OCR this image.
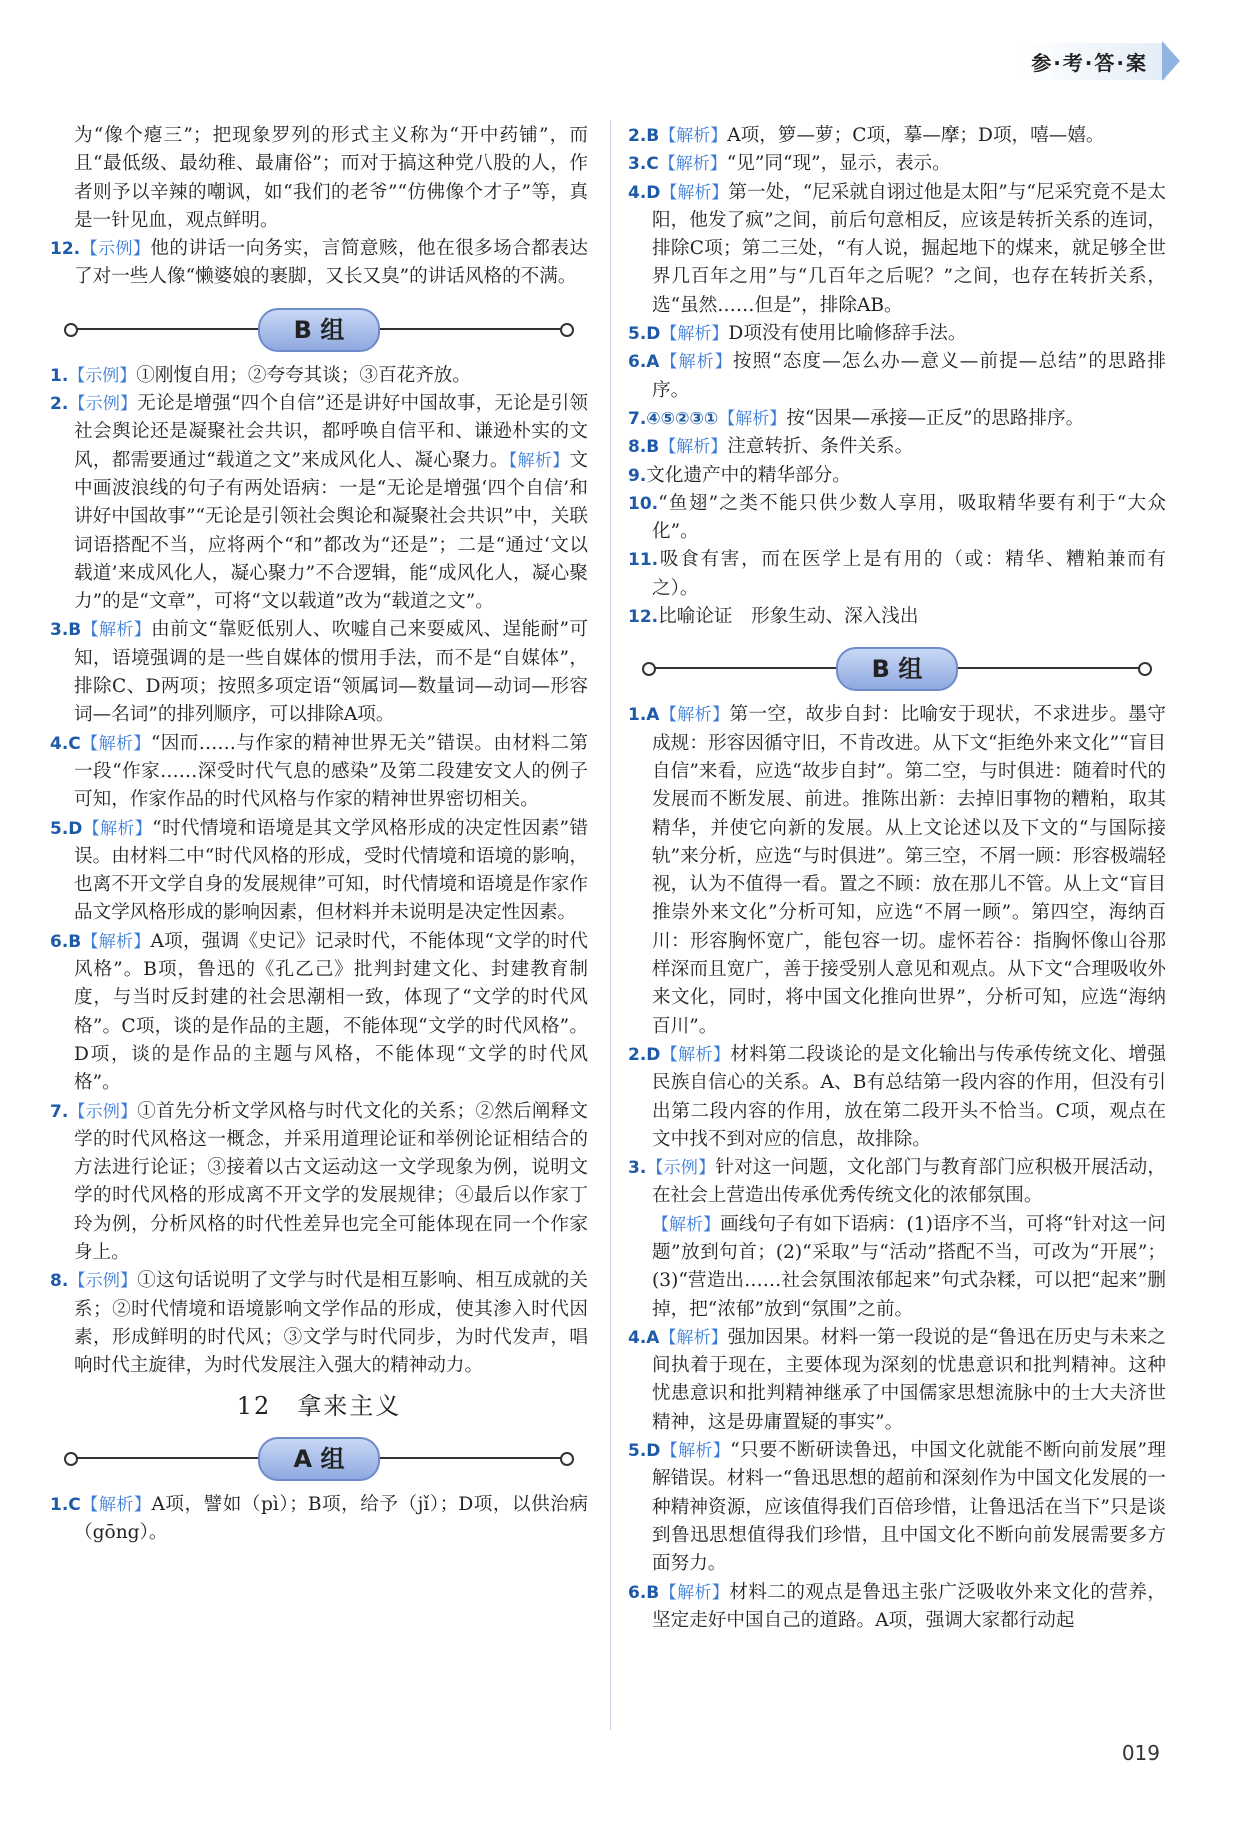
参·考·答·案
为“像个瘪三”；把现象罗列的形式主义称为“开中药铺”，而且“最低级、最幼稚、最庸俗”；而对于搞这种党八股的人，作者则予以辛辣的嘲讽，如“我们的老爷”“仿佛像个才子”等，真是一针见血，观点鲜明。
12.【示例】他的讲话一向务实，言简意赅，他在很多场合都表达了对一些人像“懒婆娘的裹脚，又长又臭”的讲话风格的不满。
B 组
1.【示例】①刚愎自用；②夸夸其谈；③百花齐放。
2.【示例】无论是增强“四个自信”还是讲好中国故事，无论是引领社会舆论还是凝聚社会共识，都呼唤自信平和、谦逊朴实的文风，都需要通过“载道之文”来成风化人、凝心聚力。【解析】文中画波浪线的句子有两处语病：一是“无论是增强‘四个自信’和讲好中国故事”“无论是引领社会舆论和凝聚社会共识”中，关联词语搭配不当，应将两个“和”都改为“还是”；二是“通过‘文以载道’来成风化人，凝心聚力”不合逻辑，能“成风化人，凝心聚力”的是“文章”，可将“文以载道”改为“载道之文”。
3.B【解析】由前文“靠贬低别人、吹嘘自己来耍威风、逞能耐”可知，语境强调的是一些自媒体的惯用手法，而不是“自媒体”，排除C、D两项；按照多项定语“领属词—数量词—动词—形容词—名词”的排列顺序，可以排除A项。
4.C【解析】“因而……与作家的精神世界无关”错误。由材料二第一段“作家……深受时代气息的感染”及第二段建安文人的例子可知，作家作品的时代风格与作家的精神世界密切相关。
5.D【解析】“时代情境和语境是其文学风格形成的决定性因素”错误。由材料二中“时代风格的形成，受时代情境和语境的影响，也离不开文学自身的发展规律”可知，时代情境和语境是作家作品文学风格形成的影响因素，但材料并未说明是决定性因素。
6.B【解析】A项，强调《史记》记录时代，不能体现“文学的时代风格”。B项，鲁迅的《孔乙己》批判封建文化、封建教育制度，与当时反封建的社会思潮相一致，体现了“文学的时代风格”。C项，谈的是作品的主题，不能体现“文学的时代风格”。D项，谈的是作品的主题与风格，不能体现“文学的时代风格”。
7.【示例】①首先分析文学风格与时代文化的关系；②然后阐释文学的时代风格这一概念，并采用道理论证和举例论证相结合的方法进行论证；③接着以古文运动这一文学现象为例，说明文学的时代风格的形成离不开文学的发展规律；④最后以作家丁玲为例，分析风格的时代性差异也完全可能体现在同一个作家身上。
8.【示例】①这句话说明了文学与时代是相互影响、相互成就的关系；②时代情境和语境影响文学作品的形成，使其渗入时代因素，形成鲜明的时代风；③文学与时代同步，为时代发声，唱响时代主旋律，为时代发展注入强大的精神动力。
12　拿来主义
A 组
1.C【解析】A项，譬如（pì）；B项，给予（jǐ）；D项，以供治病（gōng）。
2.B【解析】A项，箩—萝；C项，摹—摩；D项，嘻—嬉。
3.C【解析】“见”同“现”，显示，表示。
4.D【解析】第一处，“尼采就自诩过他是太阳”与“尼采究竟不是太阳，他发了疯”之间，前后句意相反，应该是转折关系的连词，排除C项；第二三处，“有人说，掘起地下的煤来，就足够全世界几百年之用”与“几百年之后呢？”之间，也存在转折关系，选“虽然……但是”，排除AB。
5.D【解析】D项没有使用比喻修辞手法。
6.A【解析】按照“态度—怎么办—意义—前提—总结”的思路排序。
7.④⑤②③①【解析】按“因果—承接—正反”的思路排序。
8.B【解析】注意转折、条件关系。
9.文化遗产中的精华部分。
10.“鱼翅”之类不能只供少数人享用，吸取精华要有利于“大众化”。
11.吸食有害，而在医学上是有用的（或：精华、糟粕兼而有之）。
12.比喻论证　形象生动、深入浅出
B 组
1.A【解析】第一空，故步自封：比喻安于现状，不求进步。墨守成规：形容因循守旧，不肯改进。从下文“拒绝外来文化”“盲目自信”来看，应选“故步自封”。第二空，与时俱进：随着时代的发展而不断发展、前进。推陈出新：去掉旧事物的糟粕，取其精华，并使它向新的发展。从上文论述以及下文的“与国际接轨”来分析，应选“与时俱进”。第三空，不屑一顾：形容极端轻视，认为不值得一看。置之不顾：放在那儿不管。从上文“盲目推崇外来文化”分析可知，应选“不屑一顾”。第四空，海纳百川：形容胸怀宽广，能包容一切。虚怀若谷：指胸怀像山谷那样深而且宽广，善于接受别人意见和观点。从下文“合理吸收外来文化，同时，将中国文化推向世界”，分析可知，应选“海纳百川”。
2.D【解析】材料第二段谈论的是文化输出与传承传统文化、增强民族自信心的关系。A、B有总结第一段内容的作用，但没有引出第二段内容的作用，放在第二段开头不恰当。C项，观点在文中找不到对应的信息，故排除。
3.【示例】针对这一问题，文化部门与教育部门应积极开展活动，在社会上营造出传承优秀传统文化的浓郁氛围。
【解析】画线句子有如下语病：(1)语序不当，可将“针对这一问题”放到句首；(2)“采取”与“活动”搭配不当，可改为“开展”；(3)“营造出……社会氛围浓郁起来”句式杂糅，可以把“起来”删掉，把“浓郁”放到“氛围”之前。
4.A【解析】强加因果。材料一第一段说的是“鲁迅在历史与未来之间执着于现在，主要体现为深刻的忧患意识和批判精神。这种忧患意识和批判精神继承了中国儒家思想流脉中的士大夫济世精神，这是毋庸置疑的事实”。
5.D【解析】“只要不断研读鲁迅，中国文化就能不断向前发展”理解错误。材料一“鲁迅思想的超前和深刻作为中国文化发展的一种精神资源，应该值得我们百倍珍惜，让鲁迅活在当下”只是谈到鲁迅思想值得我们珍惜，且中国文化不断向前发展需要多方面努力。
6.B【解析】材料二的观点是鲁迅主张广泛吸收外来文化的营养，坚定走好中国自己的道路。A项，强调大家都行动起
019
